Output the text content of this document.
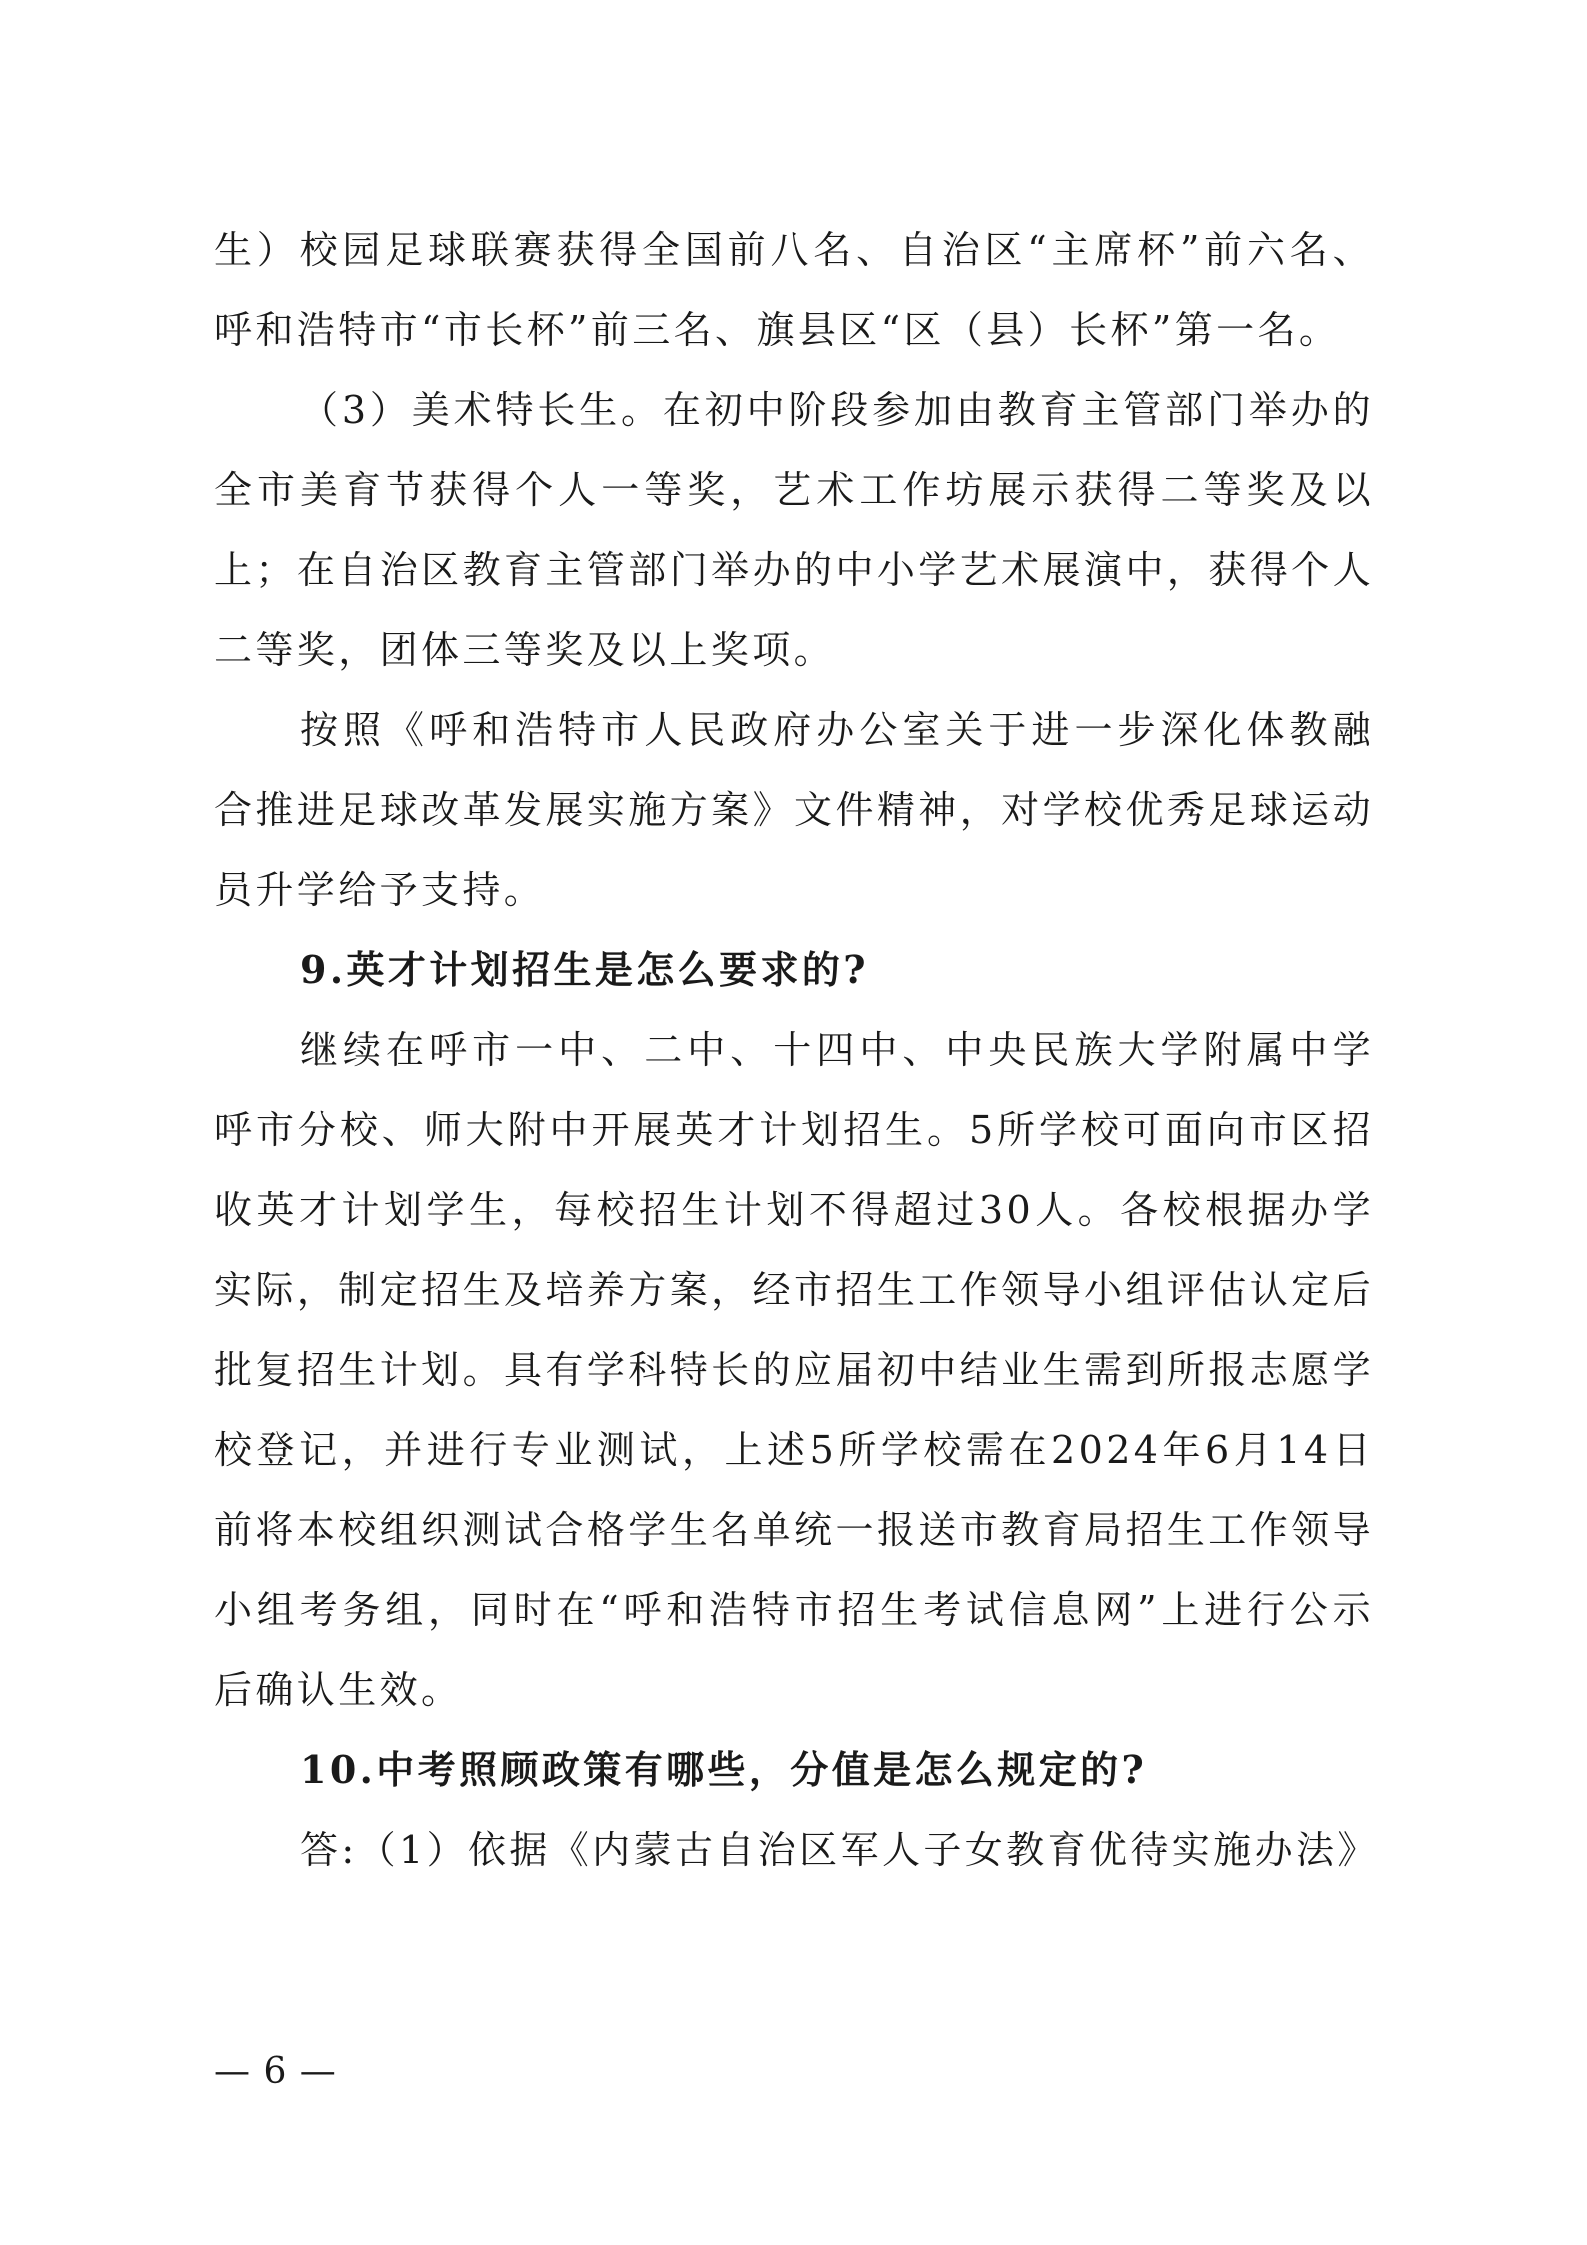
生）校园足球联赛获得全国前八名、自治区“主席杯”前六名、呼和浩特市“市长杯”前三名、旗县区“区（县）长杯”第一名。

（3）美术特长生。在初中阶段参加由教育主管部门举办的全市美育节获得个人一等奖，艺术工作坊展示获得二等奖及以上；在自治区教育主管部门举办的中小学艺术展演中，获得个人二等奖，团体三等奖及以上奖项。

按照《呼和浩特市人民政府办公室关于进一步深化体教融合推进足球改革发展实施方案》文件精神，对学校优秀足球运动员升学给予支持。

9.英才计划招生是怎么要求的?

继续在呼市一中、二中、十四中、中央民族大学附属中学呼市分校、师大附中开展英才计划招生。5所学校可面向市区招收英才计划学生，每校招生计划不得超过30人。各校根据办学实际，制定招生及培养方案，经市招生工作领导小组评估认定后批复招生计划。具有学科特长的应届初中结业生需到所报志愿学校登记，并进行专业测试，上述5所学校需在2024年6月14日前将本校组织测试合格学生名单统一报送市教育局招生工作领导小组考务组，同时在“呼和浩特市招生考试信息网”上进行公示后确认生效。

10.中考照顾政策有哪些，分值是怎么规定的?

答:（1）依据《内蒙古自治区军人子女教育优待实施办法》

— 6 —
